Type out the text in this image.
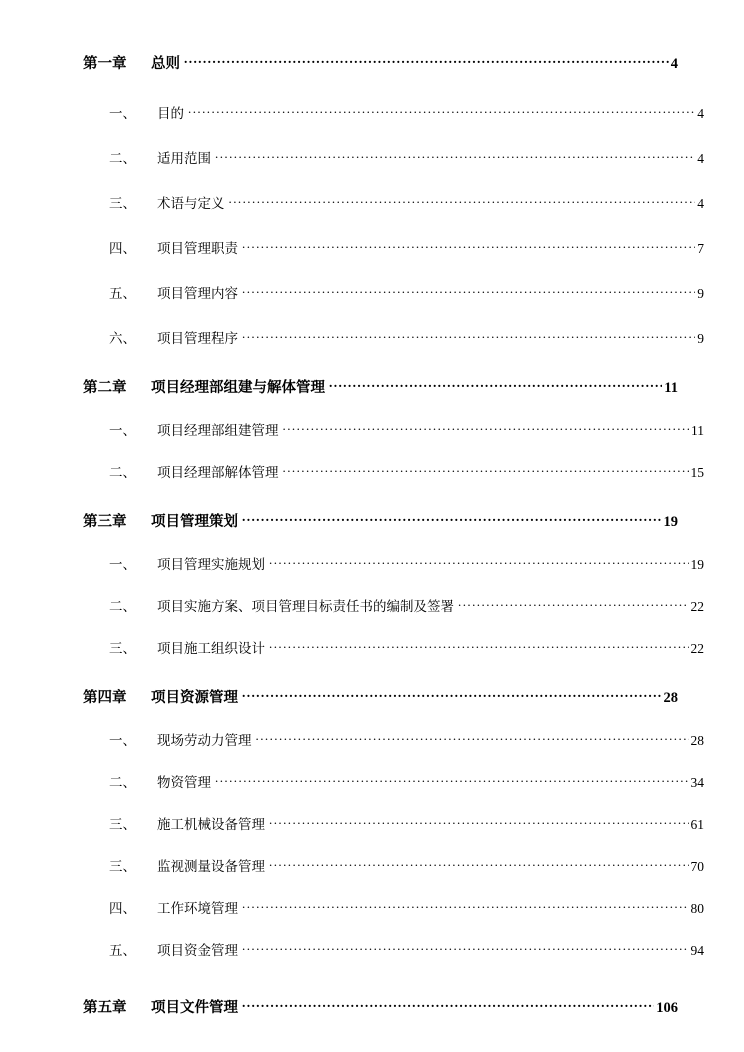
第一章	总则 .....	4
一、	目的 .....	4
二、	适用范围 .....	4
三、	术语与定义 .....	4
四、	项目管理职责 .....	7
五、	项目管理内容 .....	9
六、	项目管理程序 .....	9
第二章	项目经理部组建与解体管理 .....	11
一、	项目经理部组建管理 .....	11
二、	项目经理部解体管理 .....	15
第三章	项目管理策划 .....	19
一、	项目管理实施规划 .....	19
二、	项目实施方案、项目管理目标责任书的编制及签署 .....	22
三、	项目施工组织设计 .....	22
第四章	项目资源管理 .....	28
一、	现场劳动力管理 .....	28
二、	物资管理 .....	34
三、	施工机械设备管理 .....	61
三、	监视测量设备管理 .....	70
四、	工作环境管理 .....	80
五、	项目资金管理 .....	94
第五章	项目文件管理 .....	106
